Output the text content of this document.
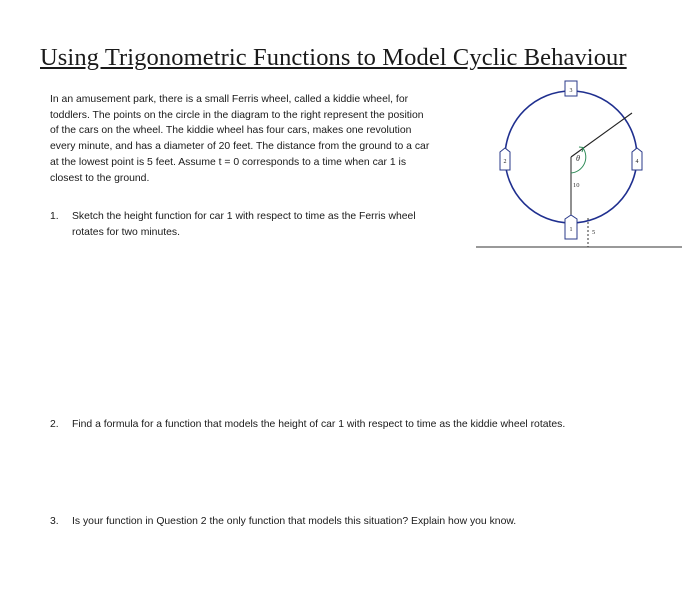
Using Trigonometric Functions to Model Cyclic Behaviour
In an amusement park, there is a small Ferris wheel, called a kiddie wheel, for
toddlers. The points on the circle in the diagram to the right represent the position
of the cars on the wheel. The kiddie wheel has four cars, makes one revolution
every minute, and has a diameter of 20 feet. The distance from the ground to a car
at the lowest point is 5 feet. Assume t = 0 corresponds to a time when car 1 is
closest to the ground.
1. Sketch the height function for car 1 with respect to time as the Ferris wheel
rotates for two minutes.
2. Find a formula for a function that models the height of car 1 with respect to time as the kiddie wheel rotates.
3. Is your function in Question 2 the only function that models this situation? Explain how you know.
θ
10
3
2	4
1	5
